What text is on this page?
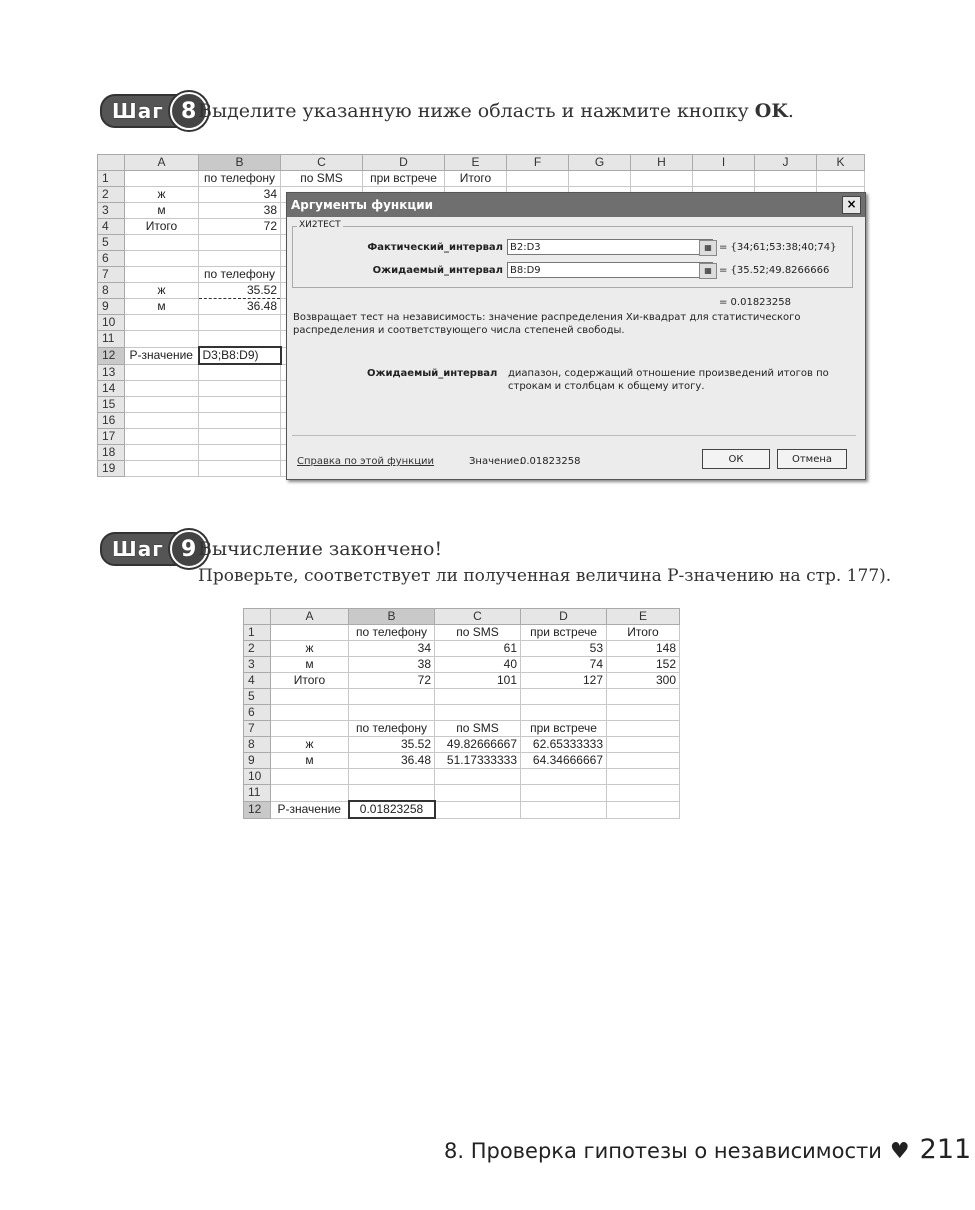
Шаг 8 Выделите указанную ниже область и нажмите кнопку OK.
	A	B	C	D	E	F	G	H	I	J	K
1		по телефону	по SMS	при встрече	Итого						
2	ж	34									
3	м	38									
4	Итого	72									
5											
6											
7		по телефону									
8	ж	35.52									
9	м	36.48									
10											
11											
12	Р-значение	D3;B8:D9)									
13											
14											
15											
16											
17											
18											
19											
Аргументы функции	×
ХИ2ТЕСТ
Фактический_интервал B2:D3	▦ = {34;61;53:38;40;74}
Ожидаемый_интервал B8:D9	▦ = {35.52;49.8266666
= 0.01823258
Возвращает тест на независимость: значение распределения Хи-квадрат для статистического распределения и соответствующего числа степеней свободы.
Ожидаемый_интервал диапазон, содержащий отношение произведений итогов по строкам и столбцам к общему итогу.
Справка по этой функции	Значение:
0.01823258	ОК	Отмена
Шаг 9 Вычисление закончено!
Проверьте, соответствует ли полученная величина Р-значению на стр. 177).
	A	B	C	D	E
1		по телефону	по SMS	при встрече	Итого
2	ж	34	61	53	148
3	м	38	40	74	152
4	Итого	72	101	127	300
5					
6					
7		по телефону	по SMS	при встрече	
8	ж	35.52	49.82666667	62.65333333	
9	м	36.48	51.17333333	64.34666667	
10					
11					
12	Р-значение	0.01823258			
8. Проверка гипотезы о независимости ♥ 211
